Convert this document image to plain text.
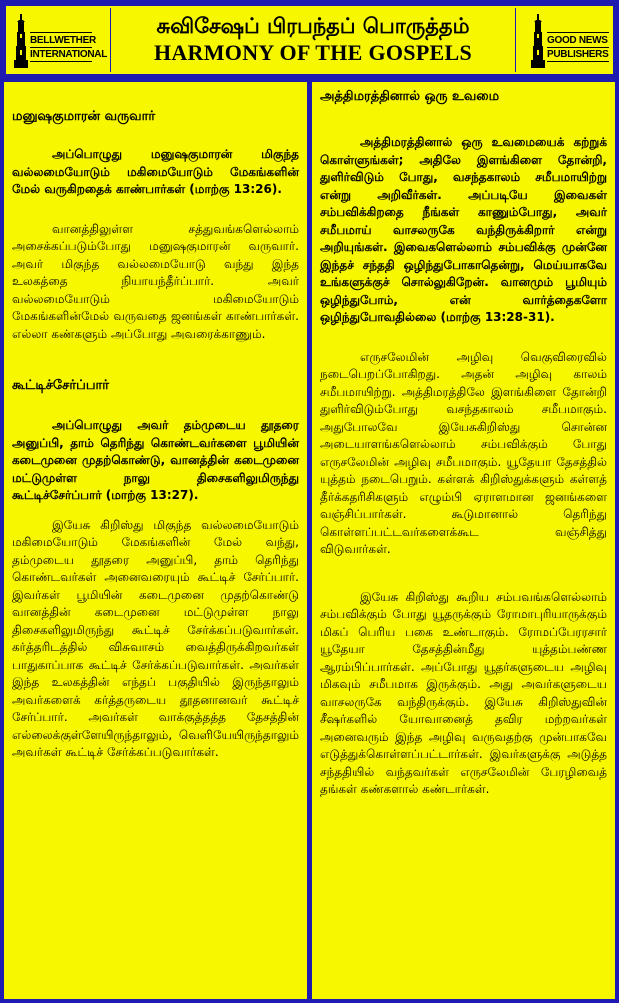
BELLWETHER
INTERNATIONAL
சுவிசேஷப் பிரபந்தப் பொருத்தம்
HARMONY OF THE GOSPELS	GOOD NEWS
PUBLISHERS

மனுஷகுமாரன் வருவார்

அப்பொழுது மனுஷகுமாரன் மிகுந்த வல்லமையோடும் மகிமையோடும் மேகங்களின் மேல் வருகிறதைக் காண்பார்கள் (மாற்கு 13:26).

வானத்திலுள்ள சத்துவங்களெல்லாம் அசைக்கப்படும்போது மனுஷகுமாரன் வருவார். அவர் மிகுந்த வல்லமையோடு வந்து இந்த உலகத்தை நியாயந்தீர்ப்பார். அவர் வல்லமையோடும் மகிமையோடும் மேகங்களின்மேல் வருவதை ஜனங்கள் காண்பார்கள். எல்லா கண்களும் அப்போது அவரைக்காணும்.

கூட்டிச்சேர்ப்பார்

அப்பொழுது அவர் தம்முடைய தூதரை அனுப்பி, தாம் தெரிந்து கொண்டவர்களை பூமியின் கடைமுனை முதற்கொண்டு, வானத்தின் கடைமுனை மட்டுமுள்ள நாலு திசைகளிலுமிருந்து கூட்டிச்சேர்ப்பார் (மாற்கு 13:27).

இயேசு கிறிஸ்து மிகுந்த வல்லமையோடும் மகிமையோடும் மேகங்களின் மேல் வந்து, தம்முடைய தூதரை அனுப்பி, தாம் தெரிந்து கொண்டவர்கள் அனைவரையும் கூட்டிச் சேர்ப்பார். இவர்கள் பூமியின் கடைமுனை முதற்கொண்டு வானத்தின் கடைமுனை மட்டுமுள்ள நாலு திசைகளிலுமிருந்து கூட்டிச் சேர்க்கப்படுவார்கள். கர்த்தரிடத்தில் விசுவாசம் வைத்திருக்கிறவர்கள் பாதுகாப்பாக கூட்டிச் சேர்க்கப்படுவார்கள். அவர்கள் இந்த உலகத்தின் எந்தப் பகுதியில் இருந்தாலும் அவர்களைக் கர்த்தருடைய தூதனானவர் கூட்டிச் சேர்ப்பார். அவர்கள் வாக்குத்தத்த தேசத்தின் எல்லைக்குள்ளேயிருந்தாலும், வெளியேயிருந்தாலும் அவர்கள் கூட்டிச் சேர்க்கப்படுவார்கள்.

அத்திமரத்தினால் ஒரு உவமை

அத்திமரத்தினால் ஒரு உவமையைக் கற்றுக் கொள்ளுங்கள்; அதிலே இளங்கிளை தோன்றி, துளிர்விடும் போது, வசந்தகாலம் சமீபமாயிற்று என்று அறிவீர்கள். அப்படியே இவைகள் சம்பவிக்கிறதை நீங்கள் காணும்போது, அவர் சமீபமாய் வாசலருகே வந்திருக்கிறார் என்று அறியுங்கள். இவைகளெல்லாம் சம்பவிக்கு முன்னே இந்தச் சந்ததி ஒழிந்துபோகாதென்று, மெய்யாகவே உங்களுக்குச் சொல்லுகிறேன். வானமும் பூமியும் ஒழிந்துபோம், என் வார்த்தைகளோ ஒழிந்துபோவதில்லை (மாற்கு 13:28-31).

எருசலேமின் அழிவு வெகுவிரைவில் நடைபெறப்போகிறது. அதன் அழிவு காலம் சமீபமாயிற்று. அத்திமரத்திலே இளங்கிளை தோன்றி துளிர்விடும்போது வசந்தகாலம் சமீபமாகும். அதுபோலவே இயேசுகிறிஸ்து சொன்ன அடையாளங்களெல்லாம் சம்பவிக்கும் போது எருசலேமின் அழிவு சமீபமாகும். யூதேயா தேசத்தில் யுத்தம் நடைபெறும். கள்ளக் கிறிஸ்துக்களும் கள்ளத் தீர்க்கதரிசிகளும் எழும்பி ஏராளமான ஜனங்களை வஞ்சிப்பார்கள். கூடுமானால் தெரிந்து கொள்ளப்பட்டவர்களைக்கூட வஞ்சித்து விடுவார்கள்.

இயேசு கிறிஸ்து கூறிய சம்பவங்களெல்லாம் சம்பவிக்கும் போது யூதருக்கும் ரோமாபுரியாருக்கும் மிகப் பெரிய பகை உண்டாகும். ரோமப்பேரரசார் யூதேயா தேசத்தின்மீது யுத்தம்பண்ண ஆரம்பிப்பார்கள். அப்போது யூதர்களுடைய அழிவு மிகவும் சமீபமாக இருக்கும். அது அவர்களுடைய வாசலருகே வந்திருக்கும். இயேசு கிறிஸ்துவின் சீஷர்களில் யோவானைத் தவிர மற்றவர்கள் அனைவரும் இந்த அழிவு வருவதற்கு முன்பாகவே எடுத்துக்கொள்ளப்பட்டார்கள். இவர்களுக்கு அடுத்த சந்ததியில் வந்தவர்கள் எருசலேமின் பேரழிவைத் தங்கள் கண்களால் கண்டார்கள்.
